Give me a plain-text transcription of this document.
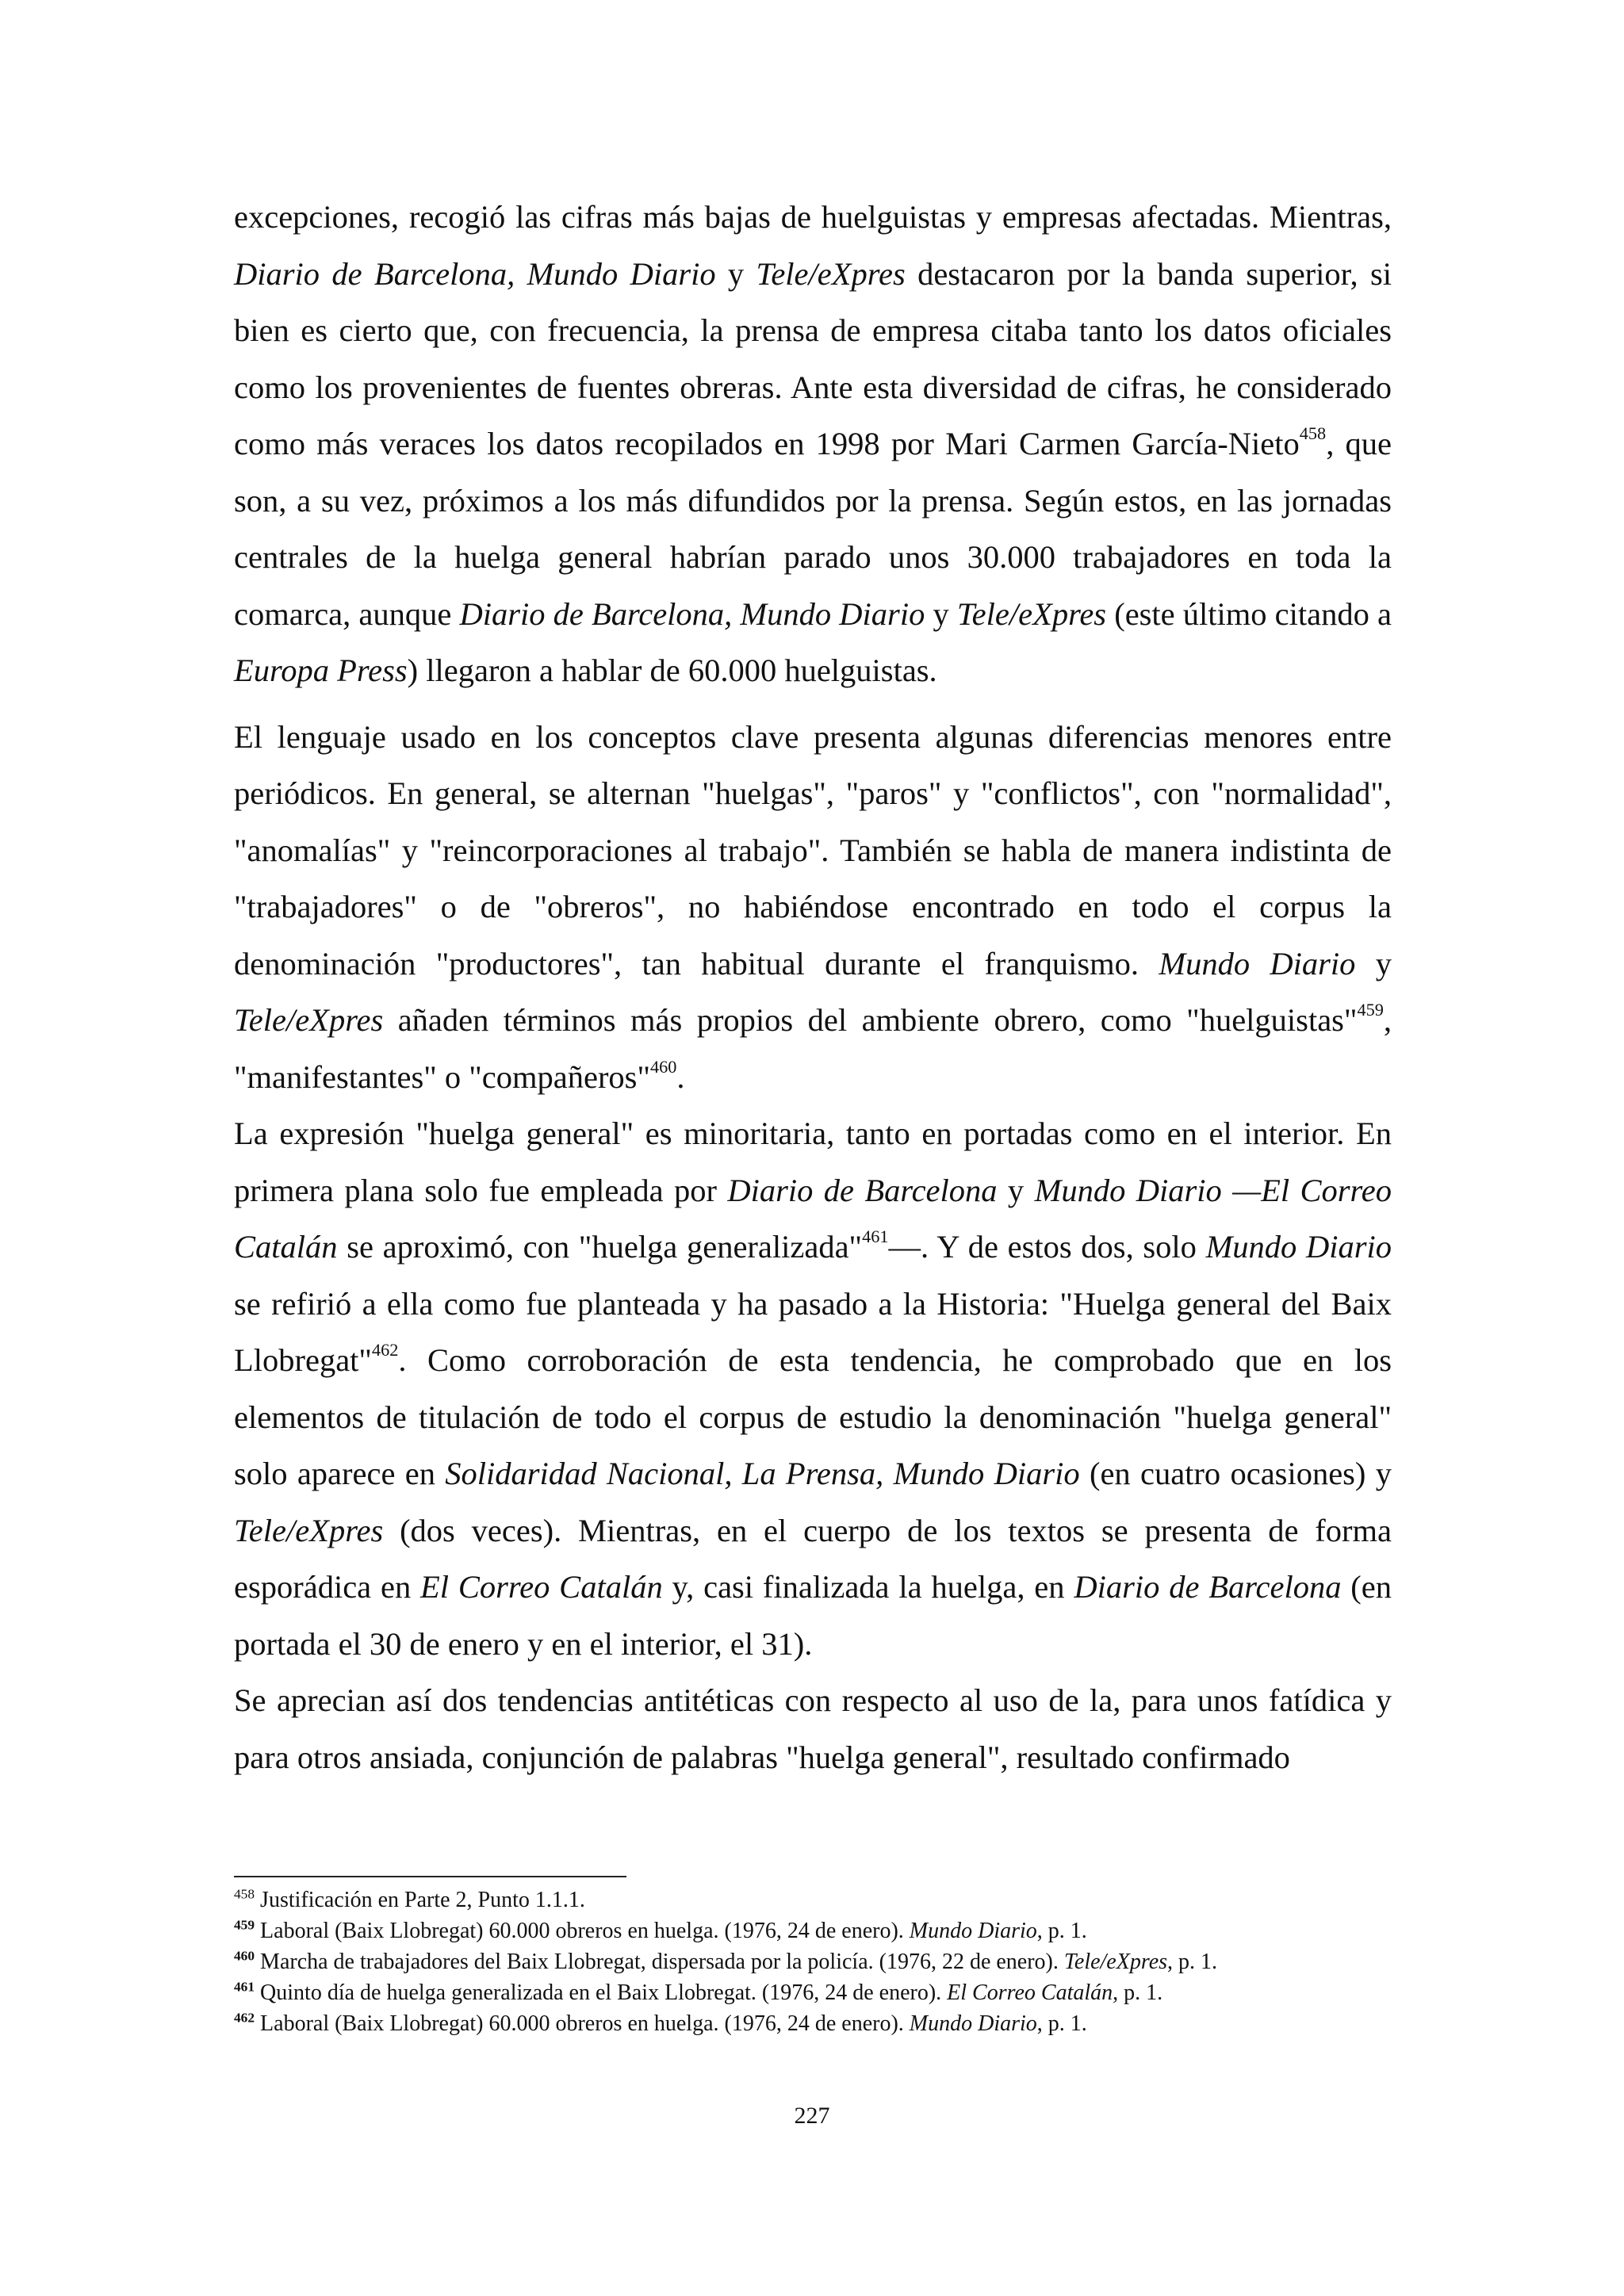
excepciones, recogió las cifras más bajas de huelguistas y empresas afectadas. Mientras, Diario de Barcelona, Mundo Diario y Tele/eXpres destacaron por la banda superior, si bien es cierto que, con frecuencia, la prensa de empresa citaba tanto los datos oficiales como los provenientes de fuentes obreras. Ante esta diversidad de cifras, he considerado como más veraces los datos recopilados en 1998 por Mari Carmen García-Nieto$^{458}$, que son, a su vez, próximos a los más difundidos por la prensa. Según estos, en las jornadas centrales de la huelga general habrían parado unos 30.000 trabajadores en toda la comarca, aunque Diario de Barcelona, Mundo Diario y Tele/eXpres (este último citando a Europa Press) llegaron a hablar de 60.000 huelguistas.

El lenguaje usado en los conceptos clave presenta algunas diferencias menores entre periódicos. En general, se alternan "huelgas", "paros" y "conflictos", con "normalidad", "anomalías" y "reincorporaciones al trabajo". También se habla de manera indistinta de "trabajadores" o de "obreros", no habiéndose encontrado en todo el corpus la denominación "productores", tan habitual durante el franquismo. Mundo Diario y Tele/eXpres añaden términos más propios del ambiente obrero, como "huelguistas"$^{459}$, "manifestantes" o "compañeros"$^{460}$.

La expresión "huelga general" es minoritaria, tanto en portadas como en el interior. En primera plana solo fue empleada por Diario de Barcelona y Mundo Diario —El Correo Catalán se aproximó, con "huelga generalizada"$^{461}$—. Y de estos dos, solo Mundo Diario se refirió a ella como fue planteada y ha pasado a la Historia: "Huelga general del Baix Llobregat"$^{462}$. Como corroboración de esta tendencia, he comprobado que en los elementos de titulación de todo el corpus de estudio la denominación "huelga general" solo aparece en Solidaridad Nacional, La Prensa, Mundo Diario (en cuatro ocasiones) y Tele/eXpres (dos veces). Mientras, en el cuerpo de los textos se presenta de forma esporádica en El Correo Catalán y, casi finalizada la huelga, en Diario de Barcelona (en portada el 30 de enero y en el interior, el 31).

Se aprecian así dos tendencias antitéticas con respecto al uso de la, para unos fatídica y para otros ansiada, conjunción de palabras "huelga general", resultado confirmado

$^{458}$ Justificación en Parte 2, Punto 1.1.1.

$^{459}$ Laboral (Baix Llobregat) 60.000 obreros en huelga. (1976, 24 de enero). Mundo Diario, p. 1.

$^{460}$ Marcha de trabajadores del Baix Llobregat, dispersada por la policía. (1976, 22 de enero). Tele/eXpres, p. 1.

$^{461}$ Quinto día de huelga generalizada en el Baix Llobregat. (1976, 24 de enero). El Correo Catalán, p. 1.

$^{462}$ Laboral (Baix Llobregat) 60.000 obreros en huelga. (1976, 24 de enero). Mundo Diario, p. 1.

227
